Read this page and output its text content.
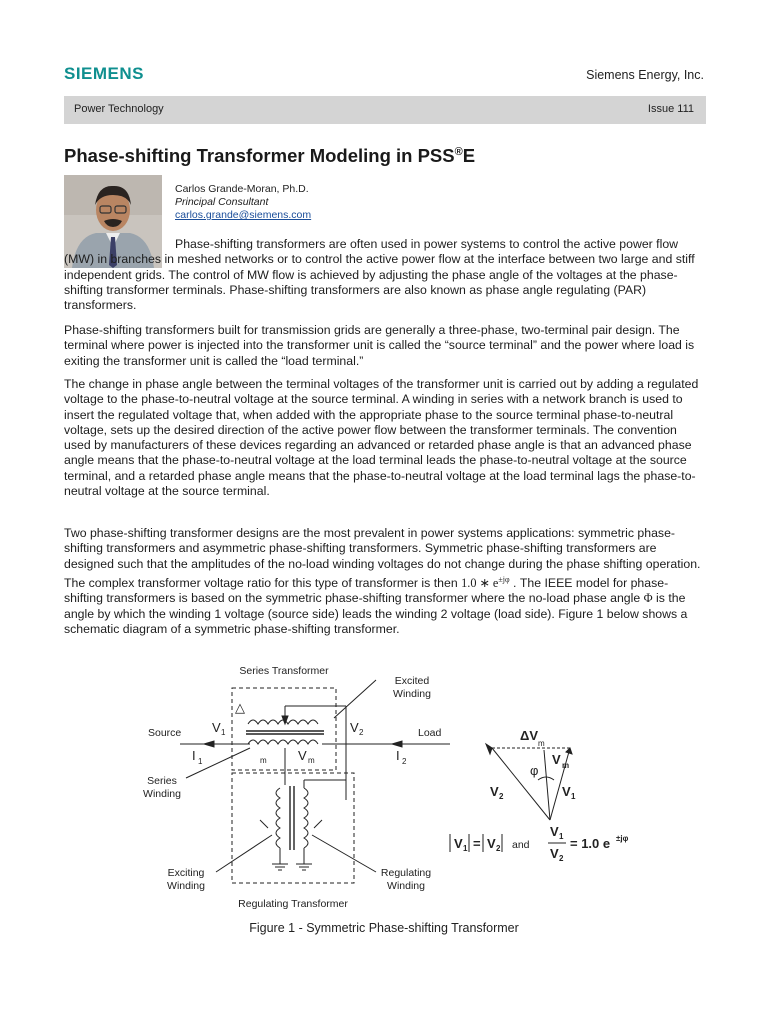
SIEMENS	Siemens Energy, Inc.
Power Technology	Issue 111
Phase-shifting Transformer Modeling in PSS®E
Carlos Grande-Moran, Ph.D.
Principal Consultant
carlos.grande@siemens.com

Phase-shifting transformers are often used in power systems to control the active power flow (MW) in branches in meshed networks or to control the active power flow at the interface between two large and stiff independent grids. The control of MW flow is achieved by adjusting the phase angle of the voltages at the phase-shifting transformer terminals. Phase-shifting transformers are also known as phase angle regulating (PAR) transformers.

Phase-shifting transformers built for transmission grids are generally a three-phase, two-terminal pair design. The terminal where power is injected into the transformer unit is called the “source terminal” and the power where load is exiting the transformer unit is called the “load terminal.”

The change in phase angle between the terminal voltages of the transformer unit is carried out by adding a regulated voltage to the phase-to-neutral voltage at the source terminal. A winding in series with a network branch is used to insert the regulated voltage that, when added with the appropriate phase to the source terminal phase-to-neutral voltage, sets up the desired direction of the active power flow between the transformer terminals. The convention used by manufacturers of these devices regarding an advanced or retarded phase angle is that an advanced phase angle means that the phase-to-neutral voltage at the load terminal leads the phase-to-neutral voltage at the source terminal, and a retarded phase angle means that the phase-to-neutral voltage at the load terminal lags the phase-to-neutral voltage at the source terminal.

Two phase-shifting transformer designs are the most prevalent in power systems applications: symmetric phase-shifting transformers and asymmetric phase-shifting transformers. Symmetric phase-shifting transformers are designed such that the amplitudes of the no-load winding voltages do not change during the phase shifting operation. The complex transformer voltage ratio for this type of transformer is then 1.0 ∗ $e^{\pm j\varphi}$ . The IEEE model for phase-shifting transformers is based on the symmetric phase-shifting transformer where the no-load phase angle Φ is the angle by which the winding 1 voltage (source side) leads the winding 2 voltage (load side). Figure 1 below shows a schematic diagram of a symmetric phase-shifting transformer.

Series Transformer
Excited
Winding
△
Source	Load
Series
Winding
Exciting
Winding
Regulating
Winding
Regulating Transformer
V 1
I 1
V 2
I 2
V m
m
ΔV
m
φ
V m
V 2	V 1
V 1 = V 2 and
V 1
V 2
= 1.0 e ±jφ
Figure 1 - Symmetric Phase-shifting Transformer
